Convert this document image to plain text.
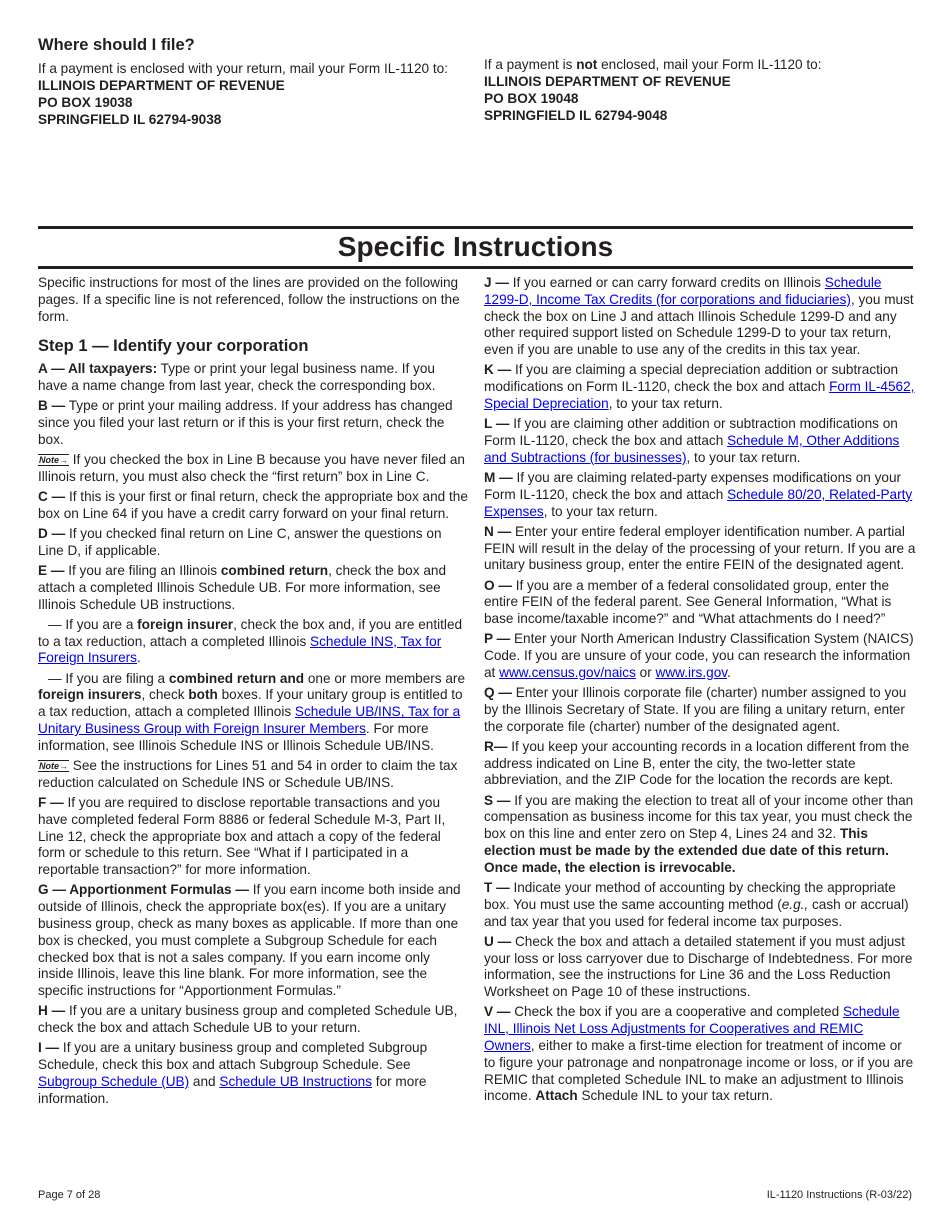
Where should I file?
If a payment is enclosed with your return, mail your Form IL-1120 to:
ILLINOIS DEPARTMENT OF REVENUE
PO BOX 19038
SPRINGFIELD IL 62794-9038
If a payment is not enclosed, mail your Form IL-1120 to:
ILLINOIS DEPARTMENT OF REVENUE
PO BOX 19048
SPRINGFIELD IL 62794-9048
Specific Instructions

Specific instructions for most of the lines are provided on the following pages. If a specific line is not referenced, follow the instructions on the form.

Step 1 — Identify your corporation

A — All taxpayers: Type or print your legal business name. If you have a name change from last year, check the corresponding box.

B — Type or print your mailing address. If your address has changed since you filed your last return or if this is your first return, check the box.

Note→ If you checked the box in Line B because you have never filed an Illinois return, you must also check the “first return” box in Line C.

C — If this is your first or final return, check the appropriate box and the box on Line 64 if you have a credit carry forward on your final return.

D — If you checked final return on Line C, answer the questions on Line D, if applicable.

E — If you are filing an Illinois combined return, check the box and attach a completed Illinois Schedule UB. For more information, see Illinois Schedule UB instructions.

— If you are a foreign insurer, check the box and, if you are entitled to a tax reduction, attach a completed Illinois Schedule INS, Tax for Foreign Insurers.

— If you are filing a combined return and one or more members are foreign insurers, check both boxes. If your unitary group is entitled to a tax reduction, attach a completed Illinois Schedule UB/INS, Tax for a Unitary Business Group with Foreign Insurer Members. For more information, see Illinois Schedule INS or Illinois Schedule UB/INS.

Note→ See the instructions for Lines 51 and 54 in order to claim the tax reduction calculated on Schedule INS or Schedule UB/INS.

F — If you are required to disclose reportable transactions and you have completed federal Form 8886 or federal Schedule M-3, Part II, Line 12, check the appropriate box and attach a copy of the federal form or schedule to this return. See “What if I participated in a reportable transaction?” for more information.

G — Apportionment Formulas — If you earn income both inside and outside of Illinois, check the appropriate box(es). If you are a unitary business group, check as many boxes as applicable. If more than one box is checked, you must complete a Subgroup Schedule for each checked box that is not a sales company. If you earn income only inside Illinois, leave this line blank. For more information, see the specific instructions for “Apportionment Formulas.”

H — If you are a unitary business group and completed Schedule UB, check the box and attach Schedule UB to your return.

I — If you are a unitary business group and completed Subgroup Schedule, check this box and attach Subgroup Schedule. See Subgroup Schedule (UB) and Schedule UB Instructions for more information.

J — If you earned or can carry forward credits on Illinois Schedule 1299-D, Income Tax Credits (for corporations and fiduciaries), you must check the box on Line J and attach Illinois Schedule 1299-D and any other required support listed on Schedule 1299-D to your tax return, even if you are unable to use any of the credits in this tax year.

K — If you are claiming a special depreciation addition or subtraction modifications on Form IL-1120, check the box and attach Form IL-4562, Special Depreciation, to your tax return.

L — If you are claiming other addition or subtraction modifications on Form IL-1120, check the box and attach Schedule M, Other Additions and Subtractions (for businesses), to your tax return.

M — If you are claiming related-party expenses modifications on your Form IL-1120, check the box and attach Schedule 80/20, Related-Party Expenses, to your tax return.

N — Enter your entire federal employer identification number. A partial FEIN will result in the delay of the processing of your return. If you are a unitary business group, enter the entire FEIN of the designated agent.

O — If you are a member of a federal consolidated group, enter the entire FEIN of the federal parent. See General Information, “What is base income/taxable income?” and “What attachments do I need?”

P — Enter your North American Industry Classification System (NAICS) Code. If you are unsure of your code, you can research the information at www.census.gov/naics or www.irs.gov.

Q — Enter your Illinois corporate file (charter) number assigned to you by the Illinois Secretary of State. If you are filing a unitary return, enter the corporate file (charter) number of the designated agent.

R— If you keep your accounting records in a location different from the address indicated on Line B, enter the city, the two-letter state abbreviation, and the ZIP Code for the location the records are kept.

S — If you are making the election to treat all of your income other than compensation as business income for this tax year, you must check the box on this line and enter zero on Step 4, Lines 24 and 32. This election must be made by the extended due date of this return. Once made, the election is irrevocable.

T — Indicate your method of accounting by checking the appropriate box. You must use the same accounting method (e.g., cash or accrual) and tax year that you used for federal income tax purposes.

U — Check the box and attach a detailed statement if you must adjust your loss or loss carryover due to Discharge of Indebtedness. For more information, see the instructions for Line 36 and the Loss Reduction Worksheet on Page 10 of these instructions.

V — Check the box if you are a cooperative and completed Schedule INL, Illinois Net Loss Adjustments for Cooperatives and REMIC Owners, either to make a first-time election for treatment of income or to figure your patronage and nonpatronage income or loss, or if you are REMIC that completed Schedule INL to make an adjustment to Illinois income. Attach Schedule INL to your tax return.

Page 7 of 28	IL-1120 Instructions (R-03/22)
